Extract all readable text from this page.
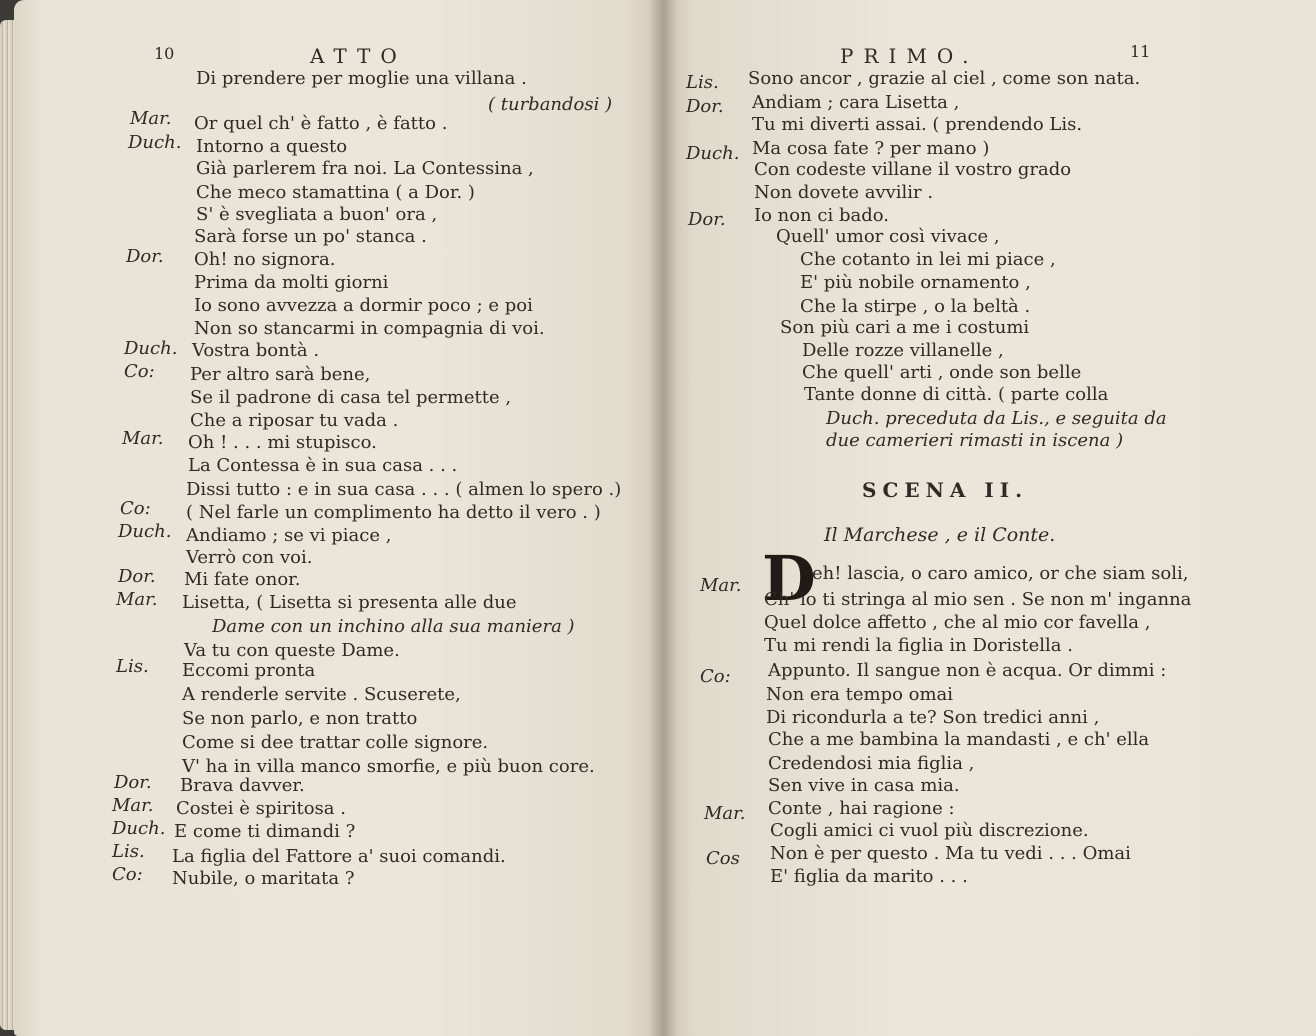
10	ATTO
Di prendere per moglie una villana .
( turbandosi )
Mar. Or quel ch' è fatto , è fatto .
Duch. Intorno a questo
Già parlerem fra noi. La Contessina ,
Che meco stamattina ( a Dor. )
S' è svegliata a buon' ora ,
Sarà forse un po' stanca .
Dor. Oh! no signora.
Prima da molti giorni
Io sono avvezza a dormir poco ; e poi
Non so stancarmi in compagnia di voi.
Duch. Vostra bontà .
Co: Per altro sarà bene,
Se il padrone di casa tel permette ,
Che a riposar tu vada .
Mar. Oh ! . . . mi stupisco.
La Contessa è in sua casa . . .
Dissi tutto : e in sua casa . . . ( almen lo spero .)
Co: ( Nel farle un complimento ha detto il vero . )
Duch. Andiamo ; se vi piace ,
Verrò con voi.
Dor. Mi fate onor.
Mar. Lisetta, ( Lisetta si presenta alle due
Dame con un inchino alla sua maniera )
Va tu con queste Dame.
Lis. Eccomi pronta
A renderle servite . Scuserete,
Se non parlo, e non tratto
Come si dee trattar colle signore.
V' ha in villa manco smorfie, e più buon core.
Dor. Brava davver.
Mar. Costei è spiritosa .
Duch. E come ti dimandi ?
Lis. La figlia del Fattore a' suoi comandi.
Co: Nubile, o maritata ?
PRIMO.	11
Lis. Sono ancor , grazie al ciel , come son nata.
Dor. Andiam ; cara Lisetta ,
Tu mi diverti assai. ( prendendo Lis.
Duch. Ma cosa fate ? per mano )
Con codeste villane il vostro grado
Non dovete avvilir .
Dor. Io non ci bado.
Quell' umor così vivace ,
Che cotanto in lei mi piace ,
E' più nobile ornamento ,
Che la stirpe , o la beltà .
Son più cari a me i costumi
Delle rozze villanelle ,
Che quell' arti , onde son belle
Tante donne di città. ( parte colla
Duch. preceduta da Lis., e seguita da
due camerieri rimasti in iscena )
SCENA II.
Il Marchese , e il Conte.
Mar. D
eh! lascia, o caro amico, or che siam soli,
Ch' io ti stringa al mio sen . Se non m' inganna
Quel dolce affetto , che al mio cor favella ,
Tu mi rendi la figlia in Doristella .
Co: Appunto. Il sangue non è acqua. Or dimmi :
Non era tempo omai
Di ricondurla a te? Son tredici anni ,
Che a me bambina la mandasti , e ch' ella
Credendosi mia figlia ,
Sen vive in casa mia.
Mar. Conte , hai ragione :
Cogli amici ci vuol più discrezione.
Cos Non è per questo . Ma tu vedi . . . Omai
E' figlia da marito . . .
